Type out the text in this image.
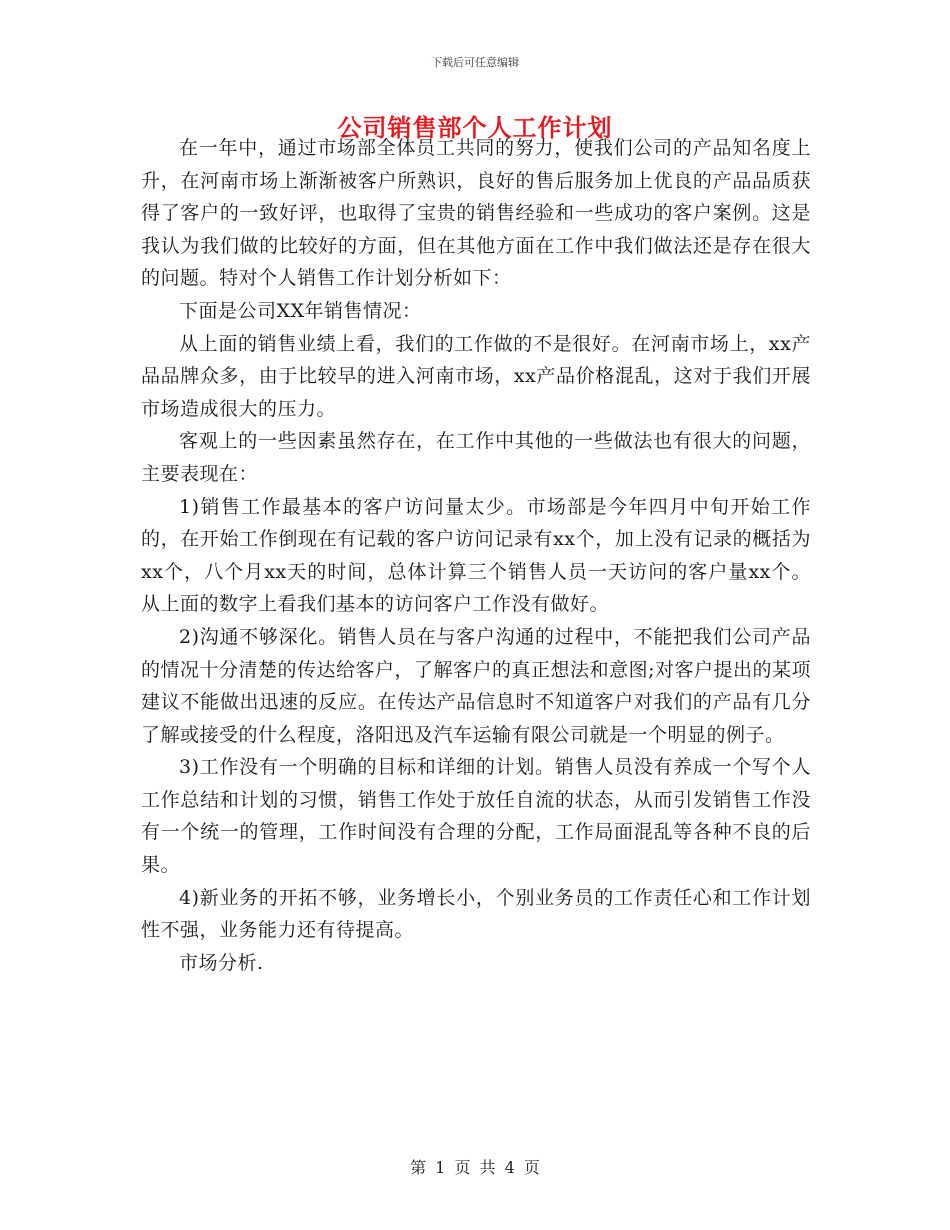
下载后可任意编辑
公司销售部个人工作计划

在一年中，通过市场部全体员工共同的努力，使我们公司的产品知名度上升，在河南市场上渐渐被客户所熟识，良好的售后服务加上优良的产品品质获得了客户的一致好评，也取得了宝贵的销售经验和一些成功的客户案例。这是我认为我们做的比较好的方面，但在其他方面在工作中我们做法还是存在很大的问题。特对个人销售工作计划分析如下：

下面是公司XX年销售情况：

从上面的销售业绩上看，我们的工作做的不是很好。在河南市场上，xx产品品牌众多，由于比较早的进入河南市场，xx产品价格混乱，这对于我们开展市场造成很大的压力。

客观上的一些因素虽然存在，在工作中其他的一些做法也有很大的问题，主要表现在：

1)销售工作最基本的客户访问量太少。市场部是今年四月中旬开始工作的，在开始工作倒现在有记载的客户访问记录有xx个，加上没有记录的概括为xx个，八个月xx天的时间，总体计算三个销售人员一天访问的客户量xx个。从上面的数字上看我们基本的访问客户工作没有做好。

2)沟通不够深化。销售人员在与客户沟通的过程中，不能把我们公司产品的情况十分清楚的传达给客户，了解客户的真正想法和意图;对客户提出的某项建议不能做出迅速的反应。在传达产品信息时不知道客户对我们的产品有几分了解或接受的什么程度，洛阳迅及汽车运输有限公司就是一个明显的例子。

3)工作没有一个明确的目标和详细的计划。销售人员没有养成一个写个人工作总结和计划的习惯，销售工作处于放任自流的状态，从而引发销售工作没有一个统一的管理，工作时间没有合理的分配，工作局面混乱等各种不良的后果。

4)新业务的开拓不够，业务增长小，个别业务员的工作责任心和工作计划性不强，业务能力还有待提高。

市场分析.

第 1 页 共 4 页
